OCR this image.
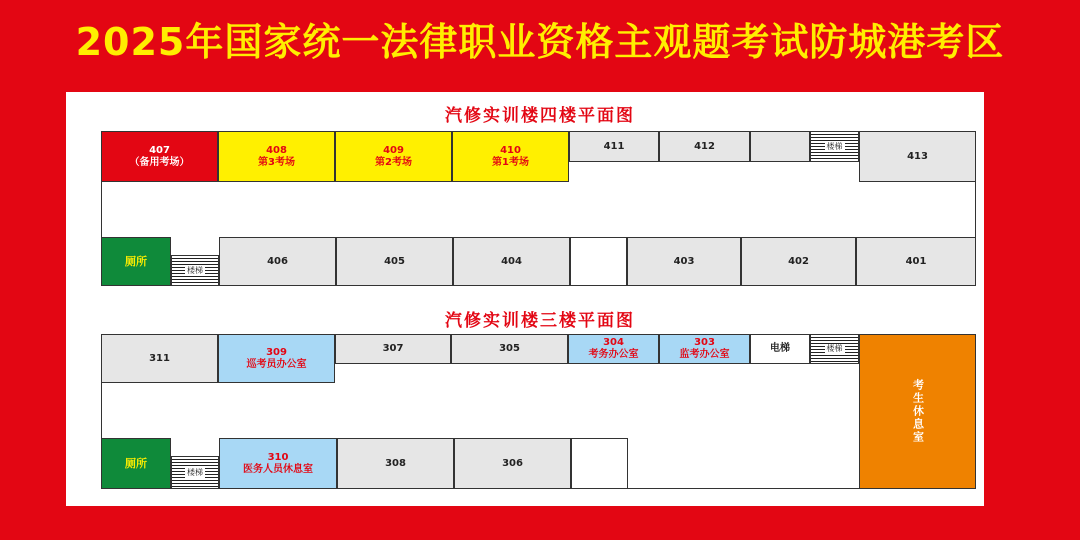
2025年国家统一法律职业资格主观题考试防城港考区
汽修实训楼四楼平面图
407
（备用考场）
408
第3考场
409
第2考场
410
第1考场
411	412	楼梯
413
厕所
楼梯
406	405	404	403	402	401
汽修实训楼三楼平面图
311
309
巡考员办公室
307	305
304
考务办公室
303
监考办公室
电梯	楼梯
考生休息室
厕所
楼梯
310
医务人员休息室
308	306
